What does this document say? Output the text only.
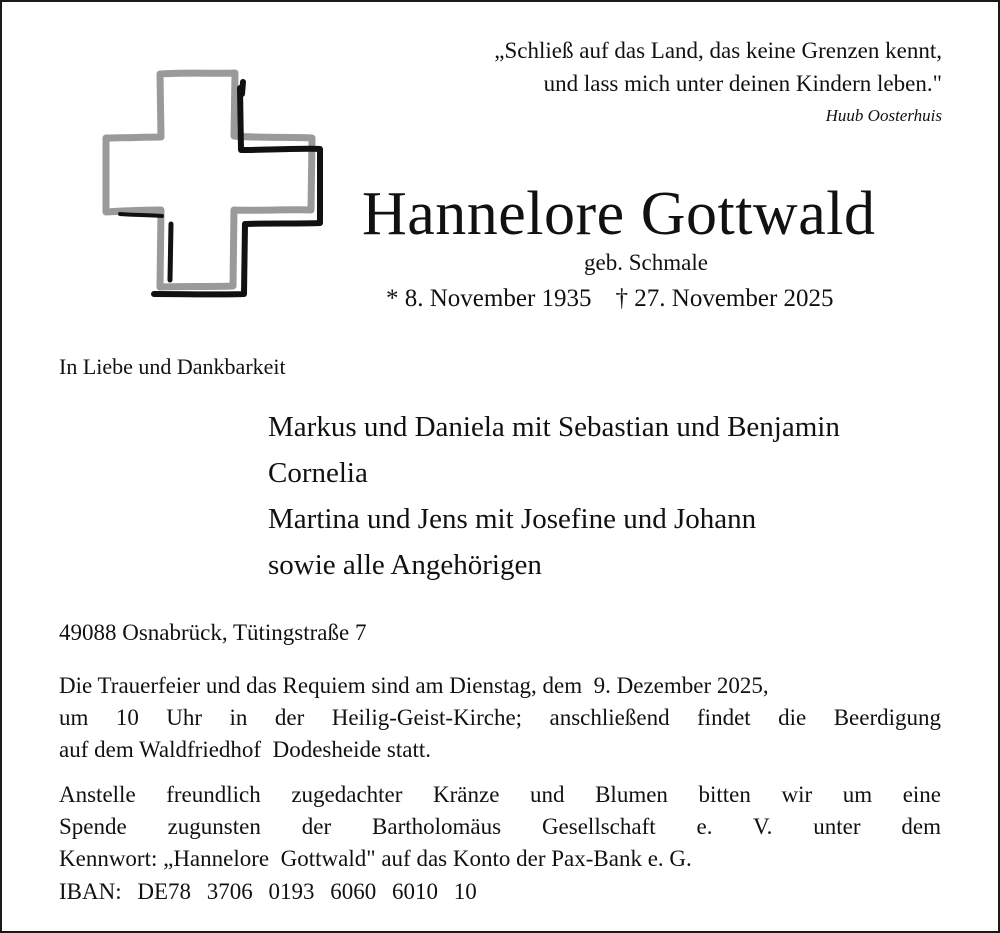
„Schließ auf das Land, das keine Grenzen kennt,
und lass mich unter deinen Kindern leben."
Huub Oosterhuis
Hannelore Gottwald
geb. Schmale
* 8. November 1935 † 27. November 2025
In Liebe und Dankbarkeit
Markus und Daniela mit Sebastian und Benjamin
Cornelia
Martina und Jens mit Josefine und Johann
sowie alle Angehörigen
49088 Osnabrück, Tütingstraße 7
Die Trauerfeier und das Requiem sind am Dienstag, dem  9. Dezember 2025,
um 10 Uhr in der Heilig-Geist-Kirche; anschließend findet die Beerdigung
auf dem Waldfriedhof  Dodesheide statt.
Anstelle freundlich zugedachter Kränze und Blumen bitten wir um eine
Spende zugunsten der Bartholomäus Gesellschaft e. V. unter dem
Kennwort: „Hannelore  Gottwald" auf das Konto der Pax-Bank e. G.
IBAN: DE78 3706 0193 6060 6010 10
